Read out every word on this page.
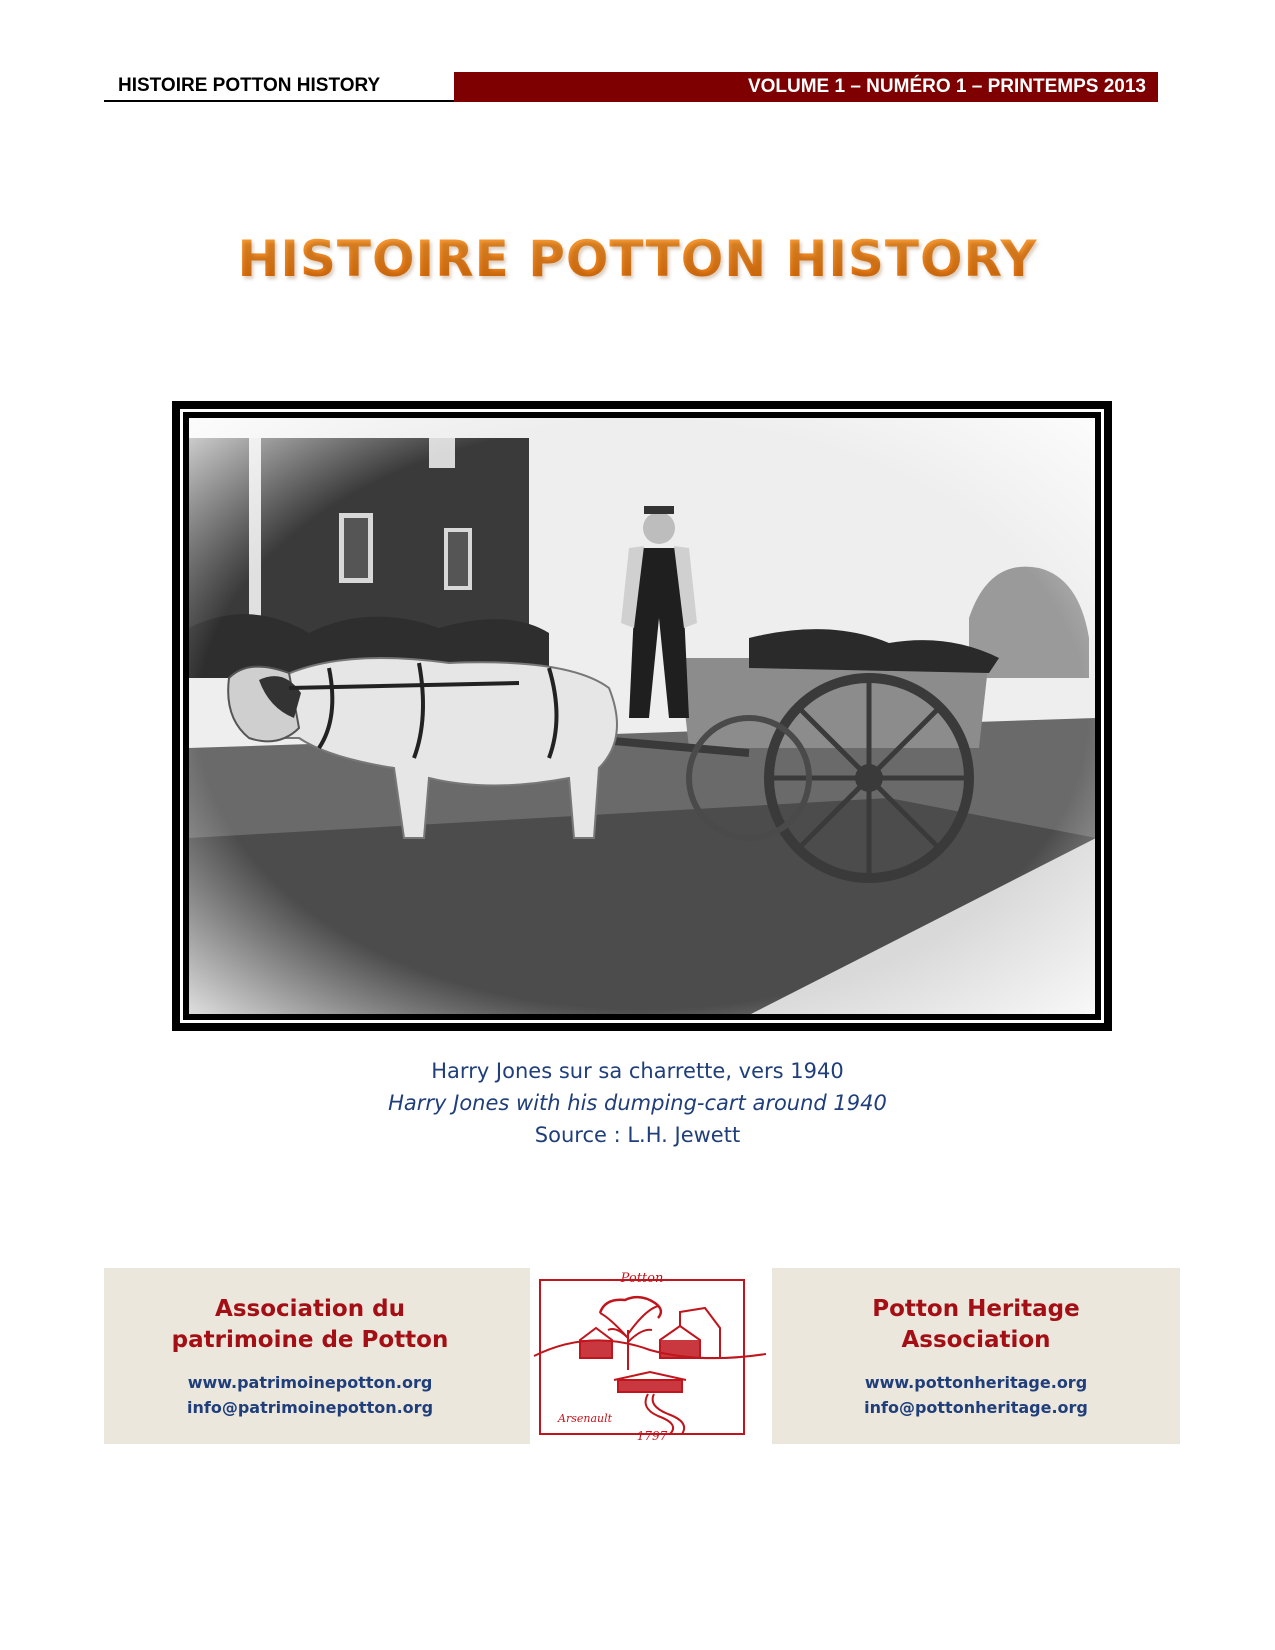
HISTOIRE POTTON HISTORY	VOLUME 1 – NUMÉRO 1 – PRINTEMPS 2013
HISTOIRE POTTON HISTORY
Harry Jones sur sa charrette, vers 1940
Harry Jones with his dumping-cart around 1940
Source : L.H. Jewett
Association du
patrimoine de Potton
www.patrimoinepotton.org
info@patrimoinepotton.org
Potton
1797
Arsenault
Potton Heritage
Association
www.pottonheritage.org
info@pottonheritage.org
